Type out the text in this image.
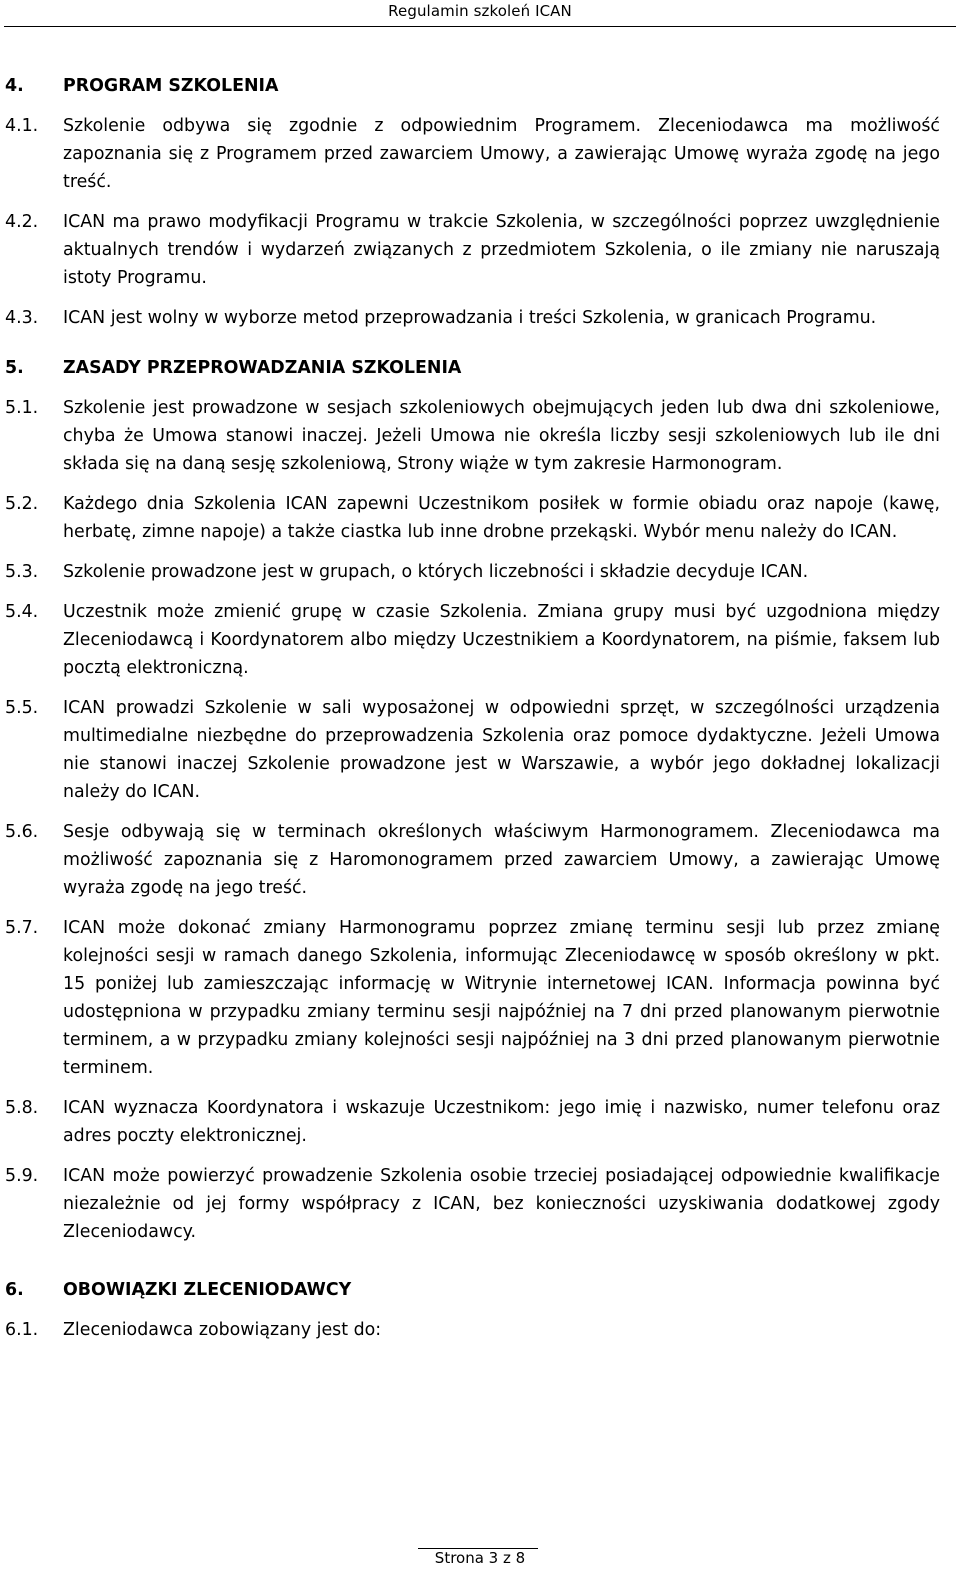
Regulamin szkoleń ICAN
4.	PROGRAM SZKOLENIA
4.1.	Szkolenie odbywa się zgodnie z odpowiednim Programem. Zleceniodawca ma możliwość zapoznania się z Programem przed zawarciem Umowy, a zawierając Umowę wyraża zgodę na jego treść.
4.2.	ICAN ma prawo modyfikacji Programu w trakcie Szkolenia, w szczególności poprzez uwzględnienie aktualnych trendów i wydarzeń związanych z przedmiotem Szkolenia, o ile zmiany nie naruszają istoty Programu.
4.3.	ICAN jest wolny w wyborze metod przeprowadzania i treści Szkolenia, w granicach Programu.
5.	ZASADY PRZEPROWADZANIA SZKOLENIA
5.1.	Szkolenie jest prowadzone w sesjach szkoleniowych obejmujących jeden lub dwa dni szkoleniowe, chyba że Umowa stanowi inaczej. Jeżeli Umowa nie określa liczby sesji szkoleniowych lub ile dni składa się na daną sesję szkoleniową, Strony wiąże w tym zakresie Harmonogram.
5.2.	Każdego dnia Szkolenia ICAN zapewni Uczestnikom posiłek w formie obiadu oraz napoje (kawę, herbatę, zimne napoje) a także ciastka lub inne drobne przekąski. Wybór menu należy do ICAN.
5.3.	Szkolenie prowadzone jest w grupach, o których liczebności i składzie decyduje ICAN.
5.4.	Uczestnik może zmienić grupę w czasie Szkolenia. Zmiana grupy musi być uzgodniona między Zleceniodawcą i Koordynatorem albo między Uczestnikiem a Koordynatorem, na piśmie, faksem lub pocztą elektroniczną.
5.5.	ICAN prowadzi Szkolenie w sali wyposażonej w odpowiedni sprzęt, w szczególności urządzenia multimedialne niezbędne do przeprowadzenia Szkolenia oraz pomoce dydaktyczne. Jeżeli Umowa nie stanowi inaczej Szkolenie prowadzone jest w Warszawie, a wybór jego dokładnej lokalizacji należy do ICAN.
5.6.	Sesje odbywają się w terminach określonych właściwym Harmonogramem. Zleceniodawca ma możliwość zapoznania się z Haromonogramem przed zawarciem Umowy, a zawierając Umowę wyraża zgodę na jego treść.
5.7.	ICAN może dokonać zmiany Harmonogramu poprzez zmianę terminu sesji lub przez zmianę kolejności sesji w ramach danego Szkolenia, informując Zleceniodawcę w sposób określony w pkt. 15 poniżej lub zamieszczając informację w Witrynie internetowej ICAN. Informacja powinna być udostępniona w przypadku zmiany terminu sesji najpóźniej na 7 dni przed planowanym pierwotnie terminem, a w przypadku zmiany kolejności sesji najpóźniej na 3 dni przed planowanym pierwotnie terminem.
5.8.	ICAN wyznacza Koordynatora i wskazuje Uczestnikom: jego imię i nazwisko, numer telefonu oraz adres poczty elektronicznej.
5.9.	ICAN może powierzyć prowadzenie Szkolenia osobie trzeciej posiadającej odpowiednie kwalifikacje niezależnie od jej formy współpracy z ICAN, bez konieczności uzyskiwania dodatkowej zgody Zleceniodawcy.
6.	OBOWIĄZKI ZLECENIODAWCY
6.1.	Zleceniodawca zobowiązany jest do:
Strona 3 z 8
